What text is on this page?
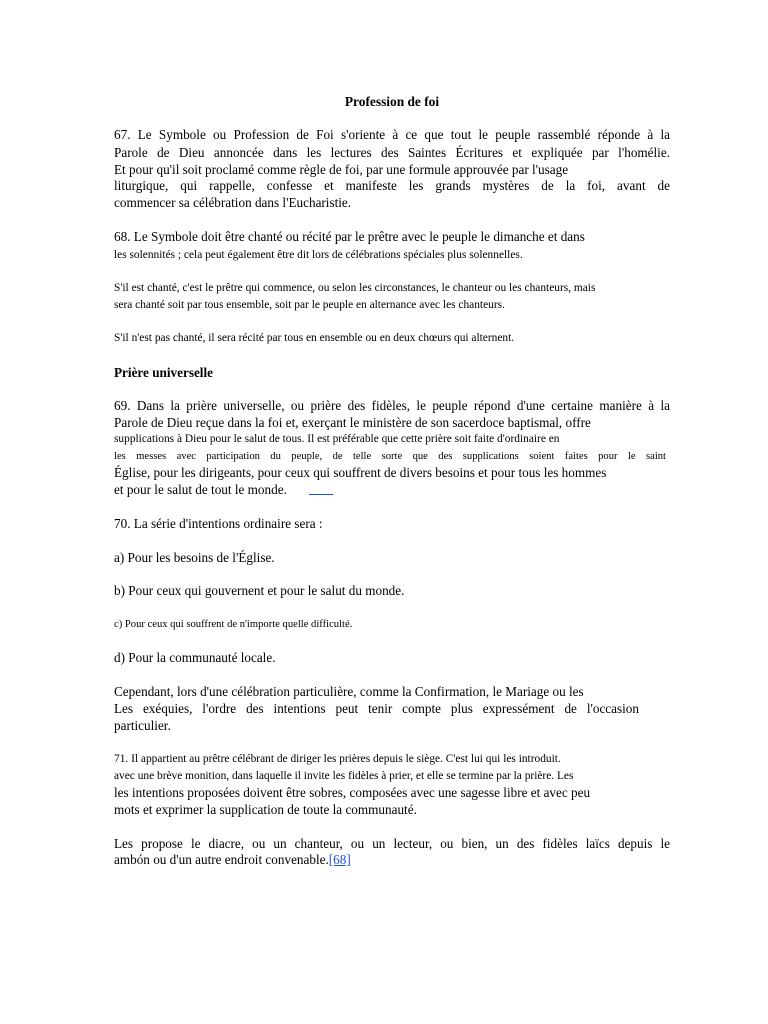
Profession de foi
67. Le Symbole ou Profession de Foi s'oriente à ce que tout le peuple rassemblé réponde à la
Parole de Dieu annoncée dans les lectures des Saintes Écritures et expliquée par l'homélie.
Et pour qu'il soit proclamé comme règle de foi, par une formule approuvée par l'usage
liturgique, qui rappelle, confesse et manifeste les grands mystères de la foi, avant de
commencer sa célébration dans l'Eucharistie.
68. Le Symbole doit être chanté ou récité par le prêtre avec le peuple le dimanche et dans
les solennités ; cela peut également être dit lors de célébrations spéciales plus solennelles.
S'il est chanté, c'est le prêtre qui commence, ou selon les circonstances, le chanteur ou les chanteurs, mais
sera chanté soit par tous ensemble, soit par le peuple en alternance avec les chanteurs.
S'il n'est pas chanté, il sera récité par tous en ensemble ou en deux chœurs qui alternent.
Prière universelle
69. Dans la prière universelle, ou prière des fidèles, le peuple répond d'une certaine manière à la
Parole de Dieu reçue dans la foi et, exerçant le ministère de son sacerdoce baptismal, offre
supplications à Dieu pour le salut de tous. Il est préférable que cette prière soit faite d'ordinaire en
les messes avec participation du peuple, de telle sorte que des supplications soient faites pour le saint
Église, pour les dirigeants, pour ceux qui souffrent de divers besoins et pour tous les hommes
et pour le salut de tout le monde.
70. La série d'intentions ordinaire sera :
a) Pour les besoins de l'Église.
b) Pour ceux qui gouvernent et pour le salut du monde.
c) Pour ceux qui souffrent de n'importe quelle difficulté.
d) Pour la communauté locale.
Cependant, lors d'une célébration particulière, comme la Confirmation, le Mariage ou les
Les exéquies, l'ordre des intentions peut tenir compte plus expressément de l'occasion
particulier.
71. Il appartient au prêtre célébrant de diriger les prières depuis le siège. C'est lui qui les introduit.
avec une brève monition, dans laquelle il invite les fidèles à prier, et elle se termine par la prière. Les
les intentions proposées doivent être sobres, composées avec une sagesse libre et avec peu
mots et exprimer la supplication de toute la communauté.
Les propose le diacre, ou un chanteur, ou un lecteur, ou bien, un des fidèles laïcs depuis le
ambón ou d'un autre endroit convenable.[68]
